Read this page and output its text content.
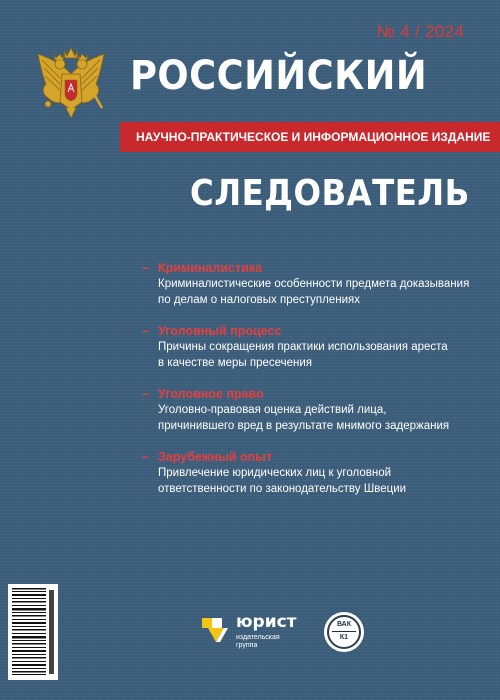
№ 4 / 2024
РОССИЙСКИЙ
НАУЧНО-ПРАКТИЧЕСКОЕ И ИНФОРМАЦИОННОЕ ИЗДАНИЕ
СЛЕДОВАТЕЛЬ
– Криминалистика
Криминалистические особенности предмета доказывания
по делам о налоговых преступлениях
– Уголовный процесс
Причины сокращения практики использования ареста
в качестве меры пресечения
– Уголовное право
Уголовно-правовая оценка действий лица,
причинившего вред в результате мнимого задержания
– Зарубежный опыт
Привлечение юридических лиц к уголовной
ответственности по законодательству Швеции
юрист
издательская
группа
ВАК
К1
